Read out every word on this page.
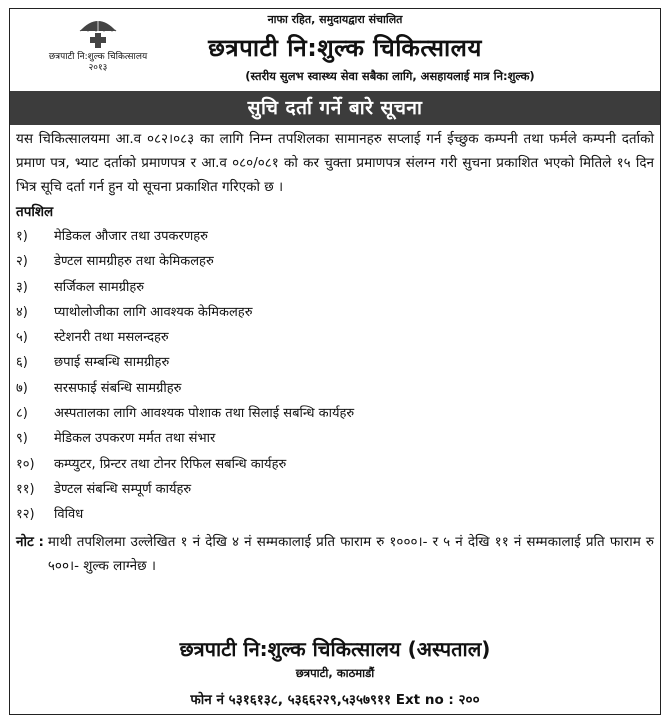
छत्रपाटी नि:शुल्क चिकित्सालय
२०१३
नाफा रहित, समुदायद्वारा संचालित
छत्रपाटी नि:शुल्क चिकित्सालय
(स्तरीय सुलभ स्वास्थ्य सेवा सबैका लागि, असहायलाई मात्र नि:शुल्क)
सुचि दर्ता गर्ने बारे सूचना

यस चिकित्सालयमा आ.व ०८२।०८३ का लागि निम्न तपशिलका सामानहरु सप्लाई गर्न ईच्छुक कम्पनी तथा फर्मले कम्पनी दर्ताको प्रमाण पत्र, भ्याट दर्ताको प्रमाणपत्र र आ.व ०८०/०८१ को कर चुक्ता प्रमाणपत्र संलग्न गरी सुचना प्रकाशित भएको मितिले १५ दिन भित्र सूचि दर्ता गर्न हुन यो सूचना प्रकाशित गरिएको छ ।

तपशिल
१)	मेडिकल औजार तथा उपकरणहरु
२)	डेण्टल सामग्रीहरु तथा केमिकलहरु
३)	सर्जिकल सामग्रीहरु
४)	प्याथोलोजीका लागि आवश्यक केमिकलहरु
५)	स्टेशनरी तथा मसलन्दहरु
६)	छपाई सम्बन्धि सामग्रीहरु
७)	सरसफाई संबन्धि सामग्रीहरु
८)	अस्पतालका लागि आवश्यक पोशाक तथा सिलाई सबन्धि कार्यहरु
९)	मेडिकल उपकरण मर्मत तथा संभार
१०)	कम्प्युटर, प्रिन्टर तथा टोनर रिफिल सबन्धि कार्यहरु
११)	डेण्टल संबन्धि सम्पूर्ण कार्यहरु
१२)	विविध
नोट : माथी तपशिलमा उल्लेखित १ नं देखि ४ नं सम्मकालाई प्रति फाराम रु १०००।- र ५ नं देखि ११ नं सम्मकालाई प्रति फाराम रु ५००।- शुल्क लाग्नेछ ।
छत्रपाटी नि:शुल्क चिकित्सालय (अस्पताल)
छत्रपाटी, काठमाडौं
फोन नं ५३१६१३८, ५३६६२२९,५३५७९११ Ext no : २००
